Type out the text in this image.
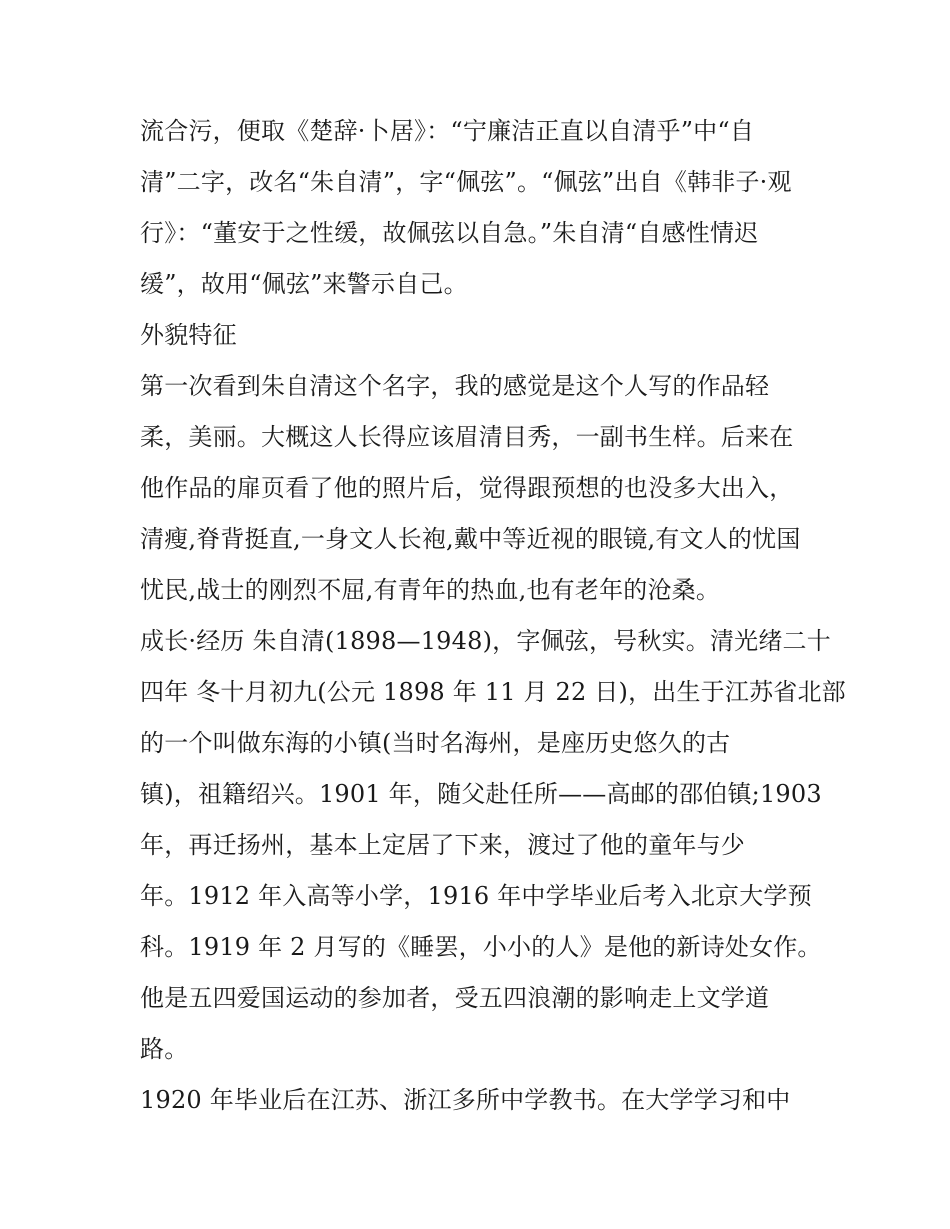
流合污，便取《楚辞·卜居》：“宁廉洁正直以自清乎”中“自
清”二字，改名“朱自清”，字“佩弦”。“佩弦”出自《韩非子·观
行》：“董安于之性缓，故佩弦以自急。”朱自清“自感性情迟
缓”，故用“佩弦”来警示自己。
外貌特征
第一次看到朱自清这个名字，我的感觉是这个人写的作品轻
柔，美丽。大概这人长得应该眉清目秀，一副书生样。后来在
他作品的扉页看了他的照片后，觉得跟预想的也没多大出入，
清瘦,脊背挺直,一身文人长袍,戴中等近视的眼镜,有文人的忧国
忧民,战士的刚烈不屈,有青年的热血,也有老年的沧桑。
成长·经历 朱自清(1898—1948)，字佩弦，号秋实。清光绪二十
四年 冬十月初九(公元 1898 年 11 月 22 日)，出生于江苏省北部
的一个叫做东海的小镇(当时名海州，是座历史悠久的古
镇)，祖籍绍兴。1901 年，随父赴任所——高邮的邵伯镇;1903
年，再迁扬州，基本上定居了下来，渡过了他的童年与少
年。1912 年入高等小学，1916 年中学毕业后考入北京大学预
科。1919 年 2 月写的《睡罢，小小的人》是他的新诗处女作。
他是五四爱国运动的参加者，受五四浪潮的影响走上文学道
路。
1920 年毕业后在江苏、浙江多所中学教书。在大学学习和中
